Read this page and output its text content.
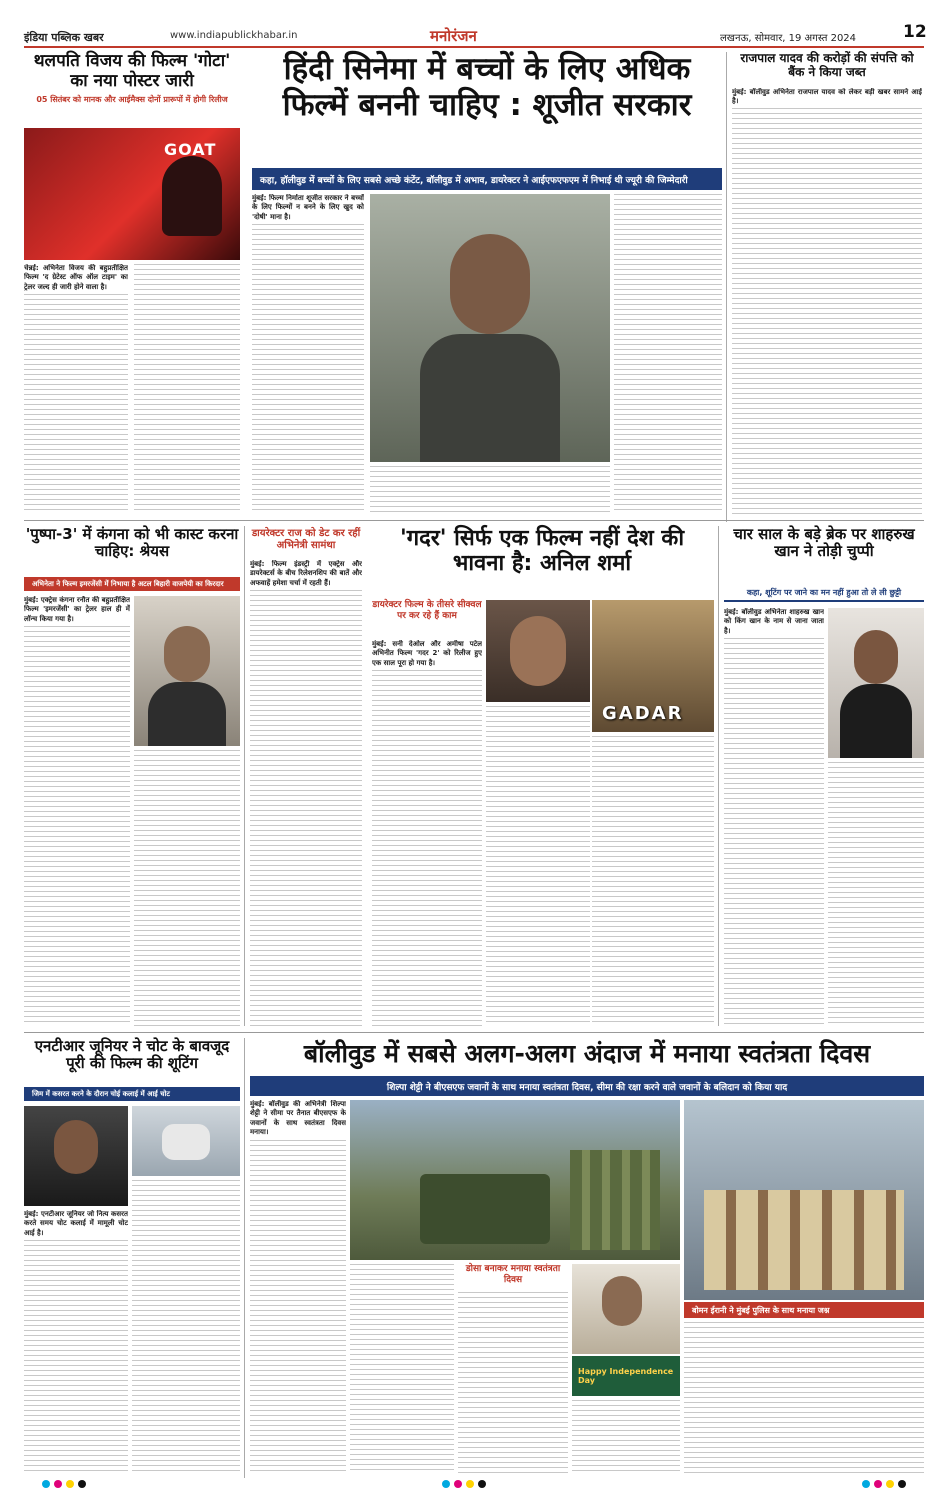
इंडिया पब्लिक खबर	www.indiapublickhabar.in	मनोरंजन	लखनऊ, सोमवार, 19 अगस्त 2024	12
थलपति विजय की फिल्म 'गोटा' का नया पोस्टर जारी
05 सितंबर को मानक और आईमैक्स दोनों प्रारूपों में होगी रिलीज
GOAT
चेन्नई: अभिनेता विजय की बहुप्रतीक्षित फिल्म 'द ग्रेटेस्ट ऑफ ऑल टाइम' का ट्रेलर जल्द ही जारी होने वाला है।
हिंदी सिनेमा में बच्चों के लिए अधिक फिल्में बननी चाहिए : शूजीत सरकार
कहा, हॉलीवुड में बच्चों के लिए सबसे अच्छे कंटेंट, बॉलीवुड में अभाव, डायरेक्टर ने आईएफएफएम में निभाई थी ज्यूरी की जिम्मेदारी
मुंबई: फिल्म निर्माता शूजीत सरकार ने बच्चों के लिए फिल्मों न बनने के लिए खुद को 'दोषी' माना है।
राजपाल यादव की करोड़ों की संपत्ति को बैंक ने किया जब्त
मुंबई: बॉलीवुड अभिनेता राजपाल यादव को लेकर बड़ी खबर सामने आई है।
'पुष्पा-3' में कंगना को भी कास्ट करना चाहिए: श्रेयस
अभिनेता ने फिल्म इमरजेंसी में निभाया है अटल बिहारी वाजपेयी का किरदार
मुंबई: एक्ट्रेस कंगना रनौत की बहुप्रतीक्षित फिल्म 'इमरजेंसी' का ट्रेलर हाल ही में लॉन्च किया गया है।
डायरेक्टर राज को डेट कर रहीं अभिनेत्री सामंथा
मुंबई: फिल्म इंडस्ट्री में एक्ट्रेस और डायरेक्टर्स के बीच रिलेशनशिप की बातें और अफवाहें हमेशा चर्चा में रहती हैं।
'गदर' सिर्फ एक फिल्म नहीं देश की भावना है: अनिल शर्मा
डायरेक्टर फिल्म के तीसरे सीक्वल पर कर रहे हैं काम
मुंबई: सनी देओल और अमीषा पटेल अभिनीत फिल्म 'गदर 2' को रिलीज हुए एक साल पूरा हो गया है।
GADAR
चार साल के बड़े ब्रेक पर शाहरुख खान ने तोड़ी चुप्पी
कहा, शूटिंग पर जाने का मन नहीं हुआ तो ले ली छुट्टी
मुंबई: बॉलीवुड अभिनेता शाहरुख खान को किंग खान के नाम से जाना जाता है।
एनटीआर जूनियर ने चोट के बावजूद पूरी की फिल्म की शूटिंग
जिम में कसरत करने के दौरान चोई कलाई में आई चोट
मुंबई: एनटीआर जूनियर जो नित्य कसरत करते समय चोट कलाई में मामूली चोट आई है।
बॉलीवुड में सबसे अलग-अलग अंदाज में मनाया स्वतंत्रता दिवस
शिल्पा शेट्टी ने बीएसएफ जवानों के साथ मनाया स्वतंत्रता दिवस, सीमा की रक्षा करने वाले जवानों के बलिदान को किया याद
मुंबई: बॉलीवुड की अभिनेत्री शिल्पा शेट्टी ने सीमा पर तैनात बीएसएफ के जवानों के साथ स्वतंत्रता दिवस मनाया।
बोमन ईरानी ने मुंबई पुलिस के साथ मनाया जश्न
डोसा बनाकर मनाया स्वतंत्रता दिवस
Happy Independence Day
